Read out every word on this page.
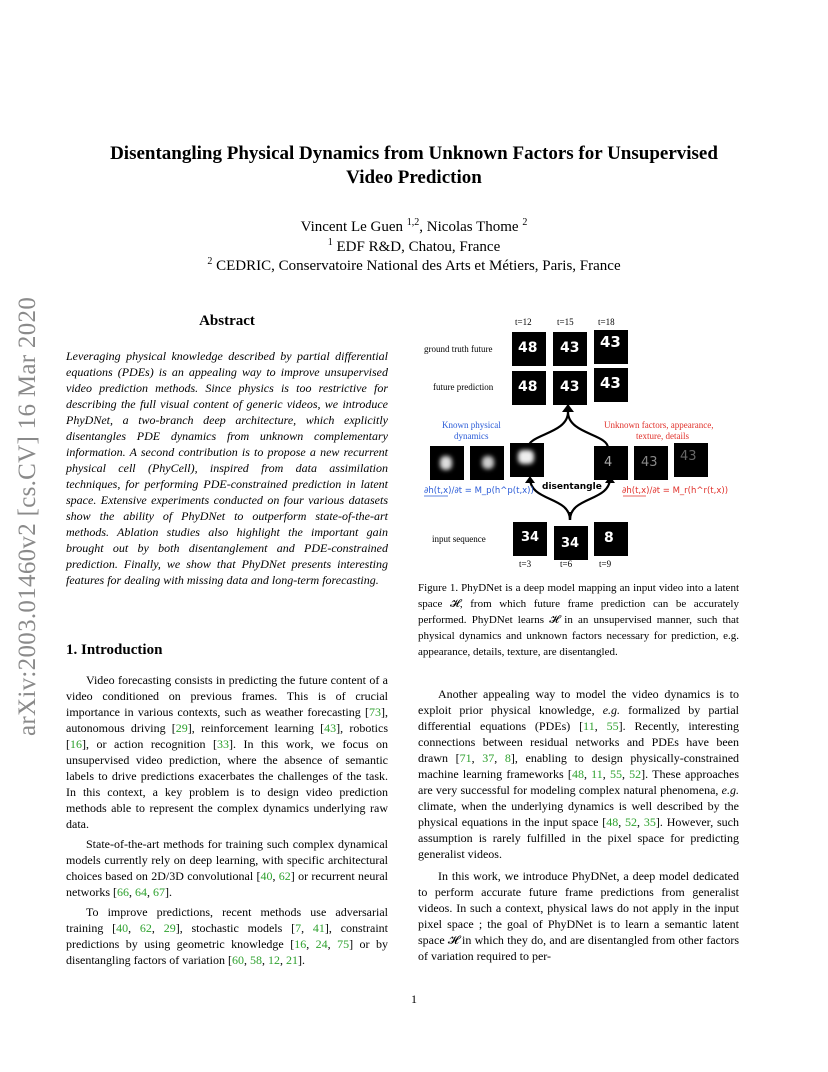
arXiv:2003.01460v2 [cs.CV] 16 Mar 2020
Disentangling Physical Dynamics from Unknown Factors for Unsupervised
Video Prediction
Vincent Le Guen $^{1,2}$, Nicolas Thome $^2$
$^1$ EDF R&D, Chatou, France
$^2$ CEDRIC, Conservatoire National des Arts et Métiers, Paris, France
Abstract
Leveraging physical knowledge described by partial differential equations (PDEs) is an appealing way to improve unsupervised video prediction methods. Since physics is too restrictive for describing the full visual content of generic videos, we introduce PhyDNet, a two-branch deep architecture, which explicitly disentangles PDE dynamics from unknown complementary information. A second contribution is to propose a new recurrent physical cell (PhyCell), inspired from data assimilation techniques, for performing PDE-constrained prediction in latent space. Extensive experiments conducted on four various datasets show the ability of PhyDNet to outperform state-of-the-art methods. Ablation studies also highlight the important gain brought out by both disentanglement and PDE-constrained prediction. Finally, we show that PhyDNet presents interesting features for dealing with missing data and long-term forecasting.
t=12	t=15	t=18
ground truth future 48 43 43
future prediction 48 43 43
Known physical
dynamics
Unknown factors, appearance,
texture, details
4 43 43
disentangle
∂h(t,x)/∂t = M_p(h^p(t,x))	∂h(t,x)/∂t = M_r(h^r(t,x))
input sequence	34 34 8
t=3	t=6	t=9
Figure 1. PhyDNet is a deep model mapping an input video into a latent space 𝓗, from which future frame prediction can be accurately performed. PhyDNet learns 𝓗 in an unsupervised manner, such that physical dynamics and unknown factors necessary for prediction, e.g. appearance, details, texture, are disentangled.
1. Introduction

Video forecasting consists in predicting the future content of a video conditioned on previous frames. This is of crucial importance in various contexts, such as weather forecasting [73], autonomous driving [29], reinforcement learning [43], robotics [16], or action recognition [33]. In this work, we focus on unsupervised video prediction, where the absence of semantic labels to drive predictions exacerbates the challenges of the task. In this context, a key problem is to design video prediction methods able to represent the complex dynamics underlying raw data.

State-of-the-art methods for training such complex dynamical models currently rely on deep learning, with specific architectural choices based on 2D/3D convolutional [40, 62] or recurrent neural networks [66, 64, 67].

To improve predictions, recent methods use adversarial training [40, 62, 29], stochastic models [7, 41], constraint predictions by using geometric knowledge [16, 24, 75] or by disentangling factors of variation [60, 58, 12, 21].

Another appealing way to model the video dynamics is to exploit prior physical knowledge, e.g. formalized by partial differential equations (PDEs) [11, 55]. Recently, interesting connections between residual networks and PDEs have been drawn [71, 37, 8], enabling to design physically-constrained machine learning frameworks [48, 11, 55, 52]. These approaches are very successful for modeling complex natural phenomena, e.g. climate, when the underlying dynamics is well described by the physical equations in the input space [48, 52, 35]. However, such assumption is rarely fulfilled in the pixel space for predicting generalist videos.

In this work, we introduce PhyDNet, a deep model dedicated to perform accurate future frame predictions from generalist videos. In such a context, physical laws do not apply in the input pixel space ; the goal of PhyDNet is to learn a semantic latent space 𝓗 in which they do, and are disentangled from other factors of variation required to per-

1
